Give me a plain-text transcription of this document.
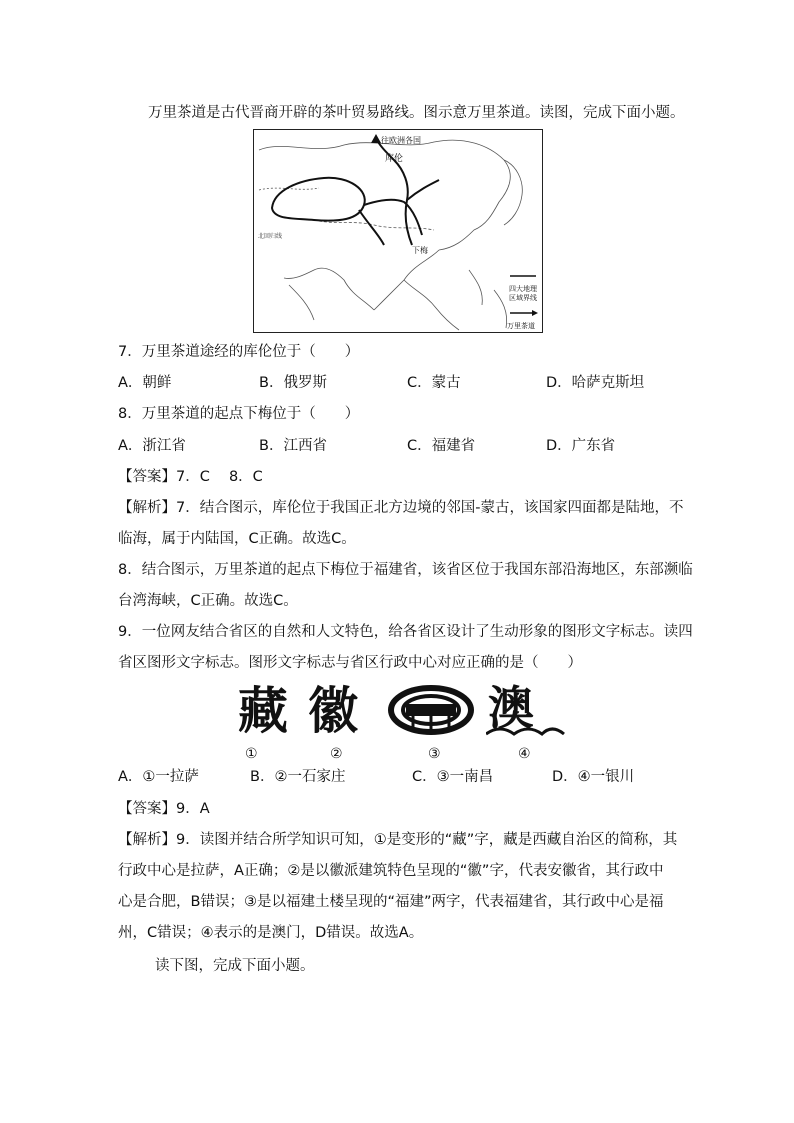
万里茶道是古代晋商开辟的茶叶贸易路线。图示意万里茶道。读图，完成下面小题。
往欧洲各国
库伦
下梅
北回归线
四大地理
区域界线
万里茶道
7．万里茶道途经的库伦位于（　　）
A．朝鲜	B．俄罗斯	C．蒙古	D．哈萨克斯坦
8．万里茶道的起点下梅位于（　　）
A．浙江省	B．江西省	C．福建省	D．广东省
【答案】7．C　 8．C
【解析】7．结合图示，库伦位于我国正北方边境的邻国-蒙古，该国家四面都是陆地，不
临海，属于内陆国，C正确。故选C。
8．结合图示，万里茶道的起点下梅位于福建省，该省区位于我国东部沿海地区，东部濒临
台湾海峡，C正确。故选C。
9．一位网友结合省区的自然和人文特色，给各省区设计了生动形象的图形文字标志。读四
省区图形文字标志。图形文字标志与省区行政中心对应正确的是（　　）
藏 徽	福建 澳
①	②	③	④
A．①一拉萨	B．②一石家庄	C．③一南昌	D．④一银川
【答案】9．A
【解析】9．读图并结合所学知识可知，①是变形的“藏”字，藏是西藏自治区的简称，其
行政中心是拉萨，A正确；②是以徽派建筑特色呈现的“徽”字，代表安徽省，其行政中
心是合肥，B错误；③是以福建土楼呈现的“福建”两字，代表福建省，其行政中心是福
州，C错误；④表示的是澳门，D错误。故选A。
读下图，完成下面小题。
